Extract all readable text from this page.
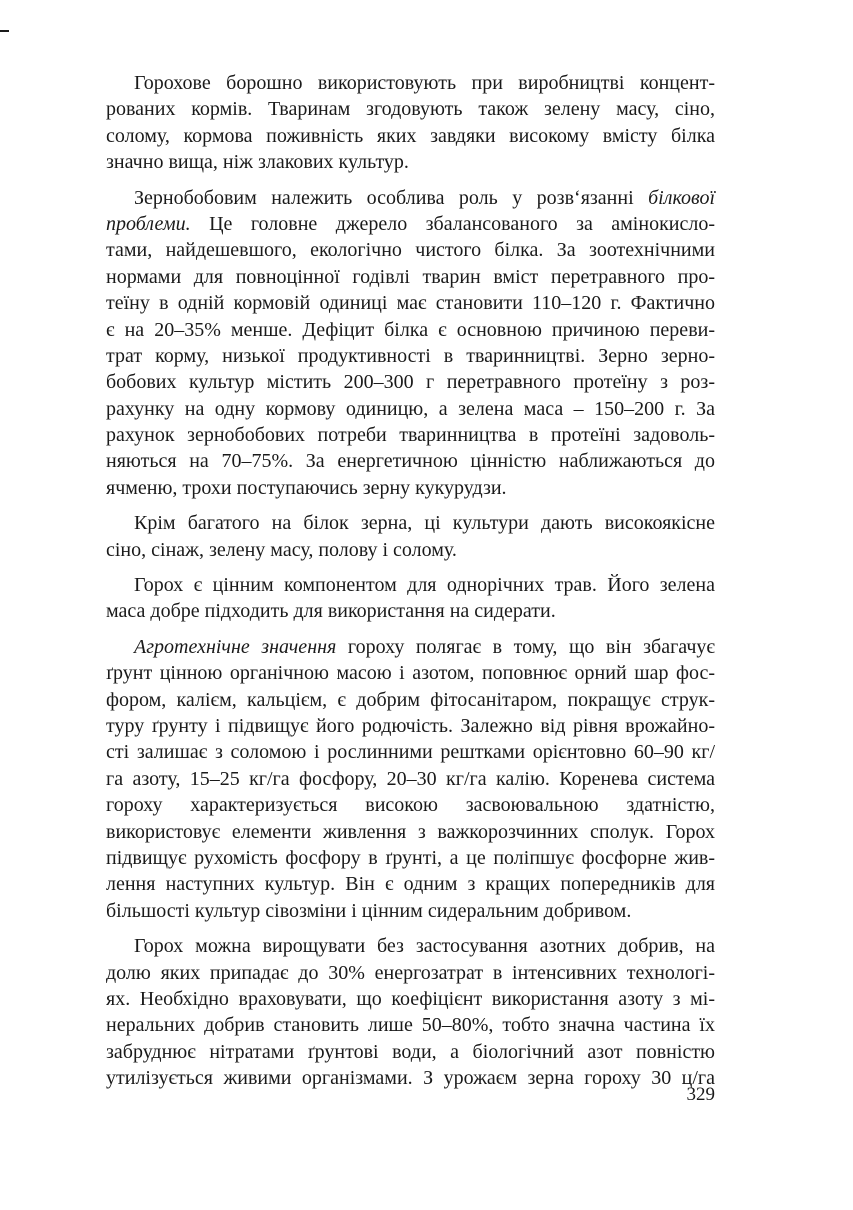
Горохове борошно використовують при виробництві концент-
рованих кормів. Тваринам згодовують також зелену масу, сіно,
солому, кормова поживність яких завдяки високому вмісту білка
значно вища, ніж злакових культур.
Зернобобовим належить особлива роль у розв‘язанні білкової
проблеми. Це головне джерело збалансованого за амінокисло-
тами, найдешевшого, екологічно чистого білка. За зоотехнічними
нормами для повноцінної годівлі тварин вміст перетравного про-
теїну в одній кормовій одиниці має становити 110–120 г. Фактично
є на 20–35% менше. Дефіцит білка є основною причиною переви-
трат корму, низької продуктивності в тваринництві. Зерно зерно-
бобових культур містить 200–300 г перетравного протеїну з роз-
рахунку на одну кормову одиницю, а зелена маса – 150–200 г. За
рахунок зернобобових потреби тваринництва в протеїні задоволь-
няються на 70–75%. За енергетичною цінністю наближаються до
ячменю, трохи поступаючись зерну кукурудзи.
Крім багатого на білок зерна, ці культури дають високоякісне
сіно, сінаж, зелену масу, полову і солому.
Горох є цінним компонентом для однорічних трав. Його зелена
маса добре підходить для використання на сидерати.
Агротехнічне значення гороху полягає в тому, що він збагачує
ґрунт цінною органічною масою і азотом, поповнює орний шар фос-
фором, калієм, кальцієм, є добрим фітосанітаром, покращує струк-
туру ґрунту і підвищує його родючість. Залежно від рівня врожайно-
сті залишає з соломою і рослинними рештками орієнтовно 60–90 кг/
га азоту, 15–25 кг/га фосфору, 20–30 кг/га калію. Коренева система
гороху характеризується високою засвоювальною здатністю,
використовує елементи живлення з важкорозчинних сполук. Горох
підвищує рухомість фосфору в ґрунті, а це поліпшує фосфорне жив-
лення наступних культур. Він є одним з кращих попередників для
більшості культур сівозміни і цінним сидеральним добривом.
Горох можна вирощувати без застосування азотних добрив, на
долю яких припадає до 30% енергозатрат в інтенсивних технологі-
ях. Необхідно враховувати, що коефіцієнт використання азоту з мі-
неральних добрив становить лише 50–80%, тобто значна частина їх
забруднює нітратами ґрунтові води, а біологічний азот повністю
утилізується живими організмами. З урожаєм зерна гороху 30 ц/га
329
